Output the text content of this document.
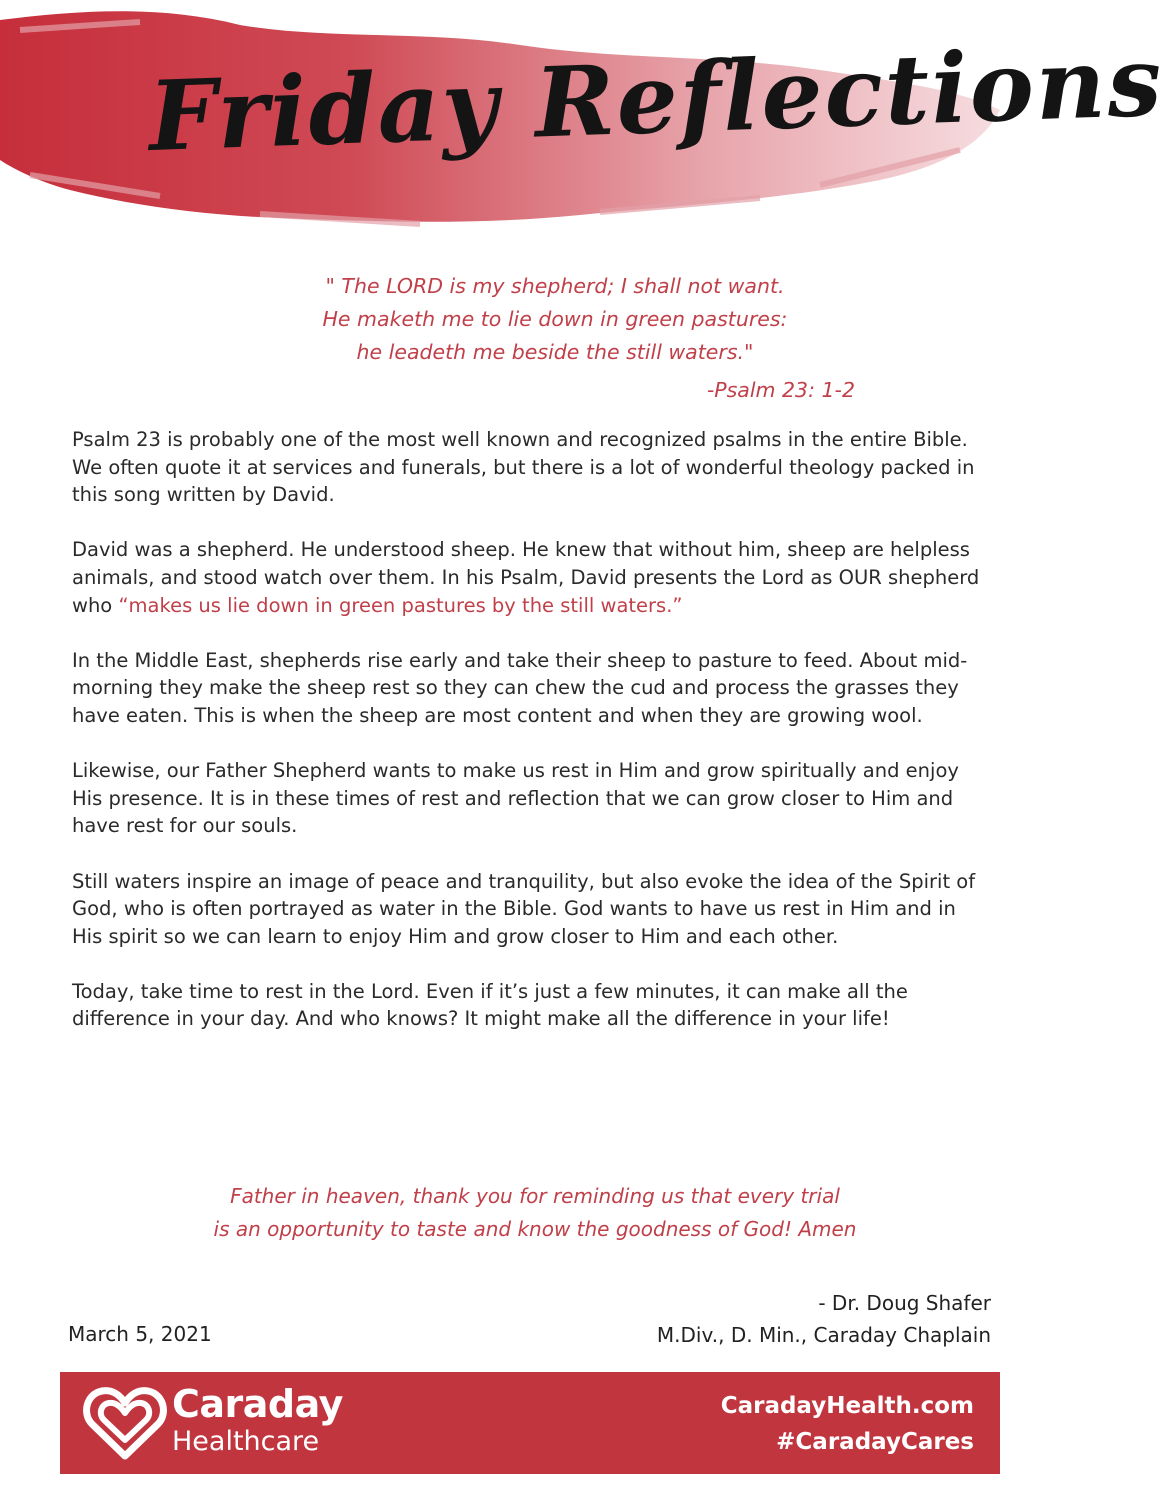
Friday Reflections
" The LORD is my shepherd; I shall not want.
He maketh me to lie down in green pastures:
he leadeth me beside the still waters."
-Psalm 23: 1-2

Psalm 23 is probably one of the most well known and recognized psalms in the entire Bible. We often quote it at services and funerals, but there is a lot of wonderful theology packed in this song written by David.

David was a shepherd. He understood sheep. He knew that without him, sheep are helpless animals, and stood watch over them. In his Psalm, David presents the Lord as OUR shepherd who “makes us lie down in green pastures by the still waters.”

In the Middle East, shepherds rise early and take their sheep to pasture to feed. About mid-morning they make the sheep rest so they can chew the cud and process the grasses they have eaten. This is when the sheep are most content and when they are growing wool.

Likewise, our Father Shepherd wants to make us rest in Him and grow spiritually and enjoy His presence. It is in these times of rest and reflection that we can grow closer to Him and have rest for our souls.

Still waters inspire an image of peace and tranquility, but also evoke the idea of the Spirit of God, who is often portrayed as water in the Bible. God wants to have us rest in Him and in His spirit so we can learn to enjoy Him and grow closer to Him and each other.

Today, take time to rest in the Lord. Even if it’s just a few minutes, it can make all the difference in your day. And who knows? It might make all the difference in your life!

Father in heaven, thank you for reminding us that every trial
is an opportunity to taste and know the goodness of God! Amen
- Dr. Doug Shafer
M.Div., D. Min., Caraday Chaplain
March 5, 2021
Caraday
Healthcare
CaradayHealth.com
#CaradayCares
